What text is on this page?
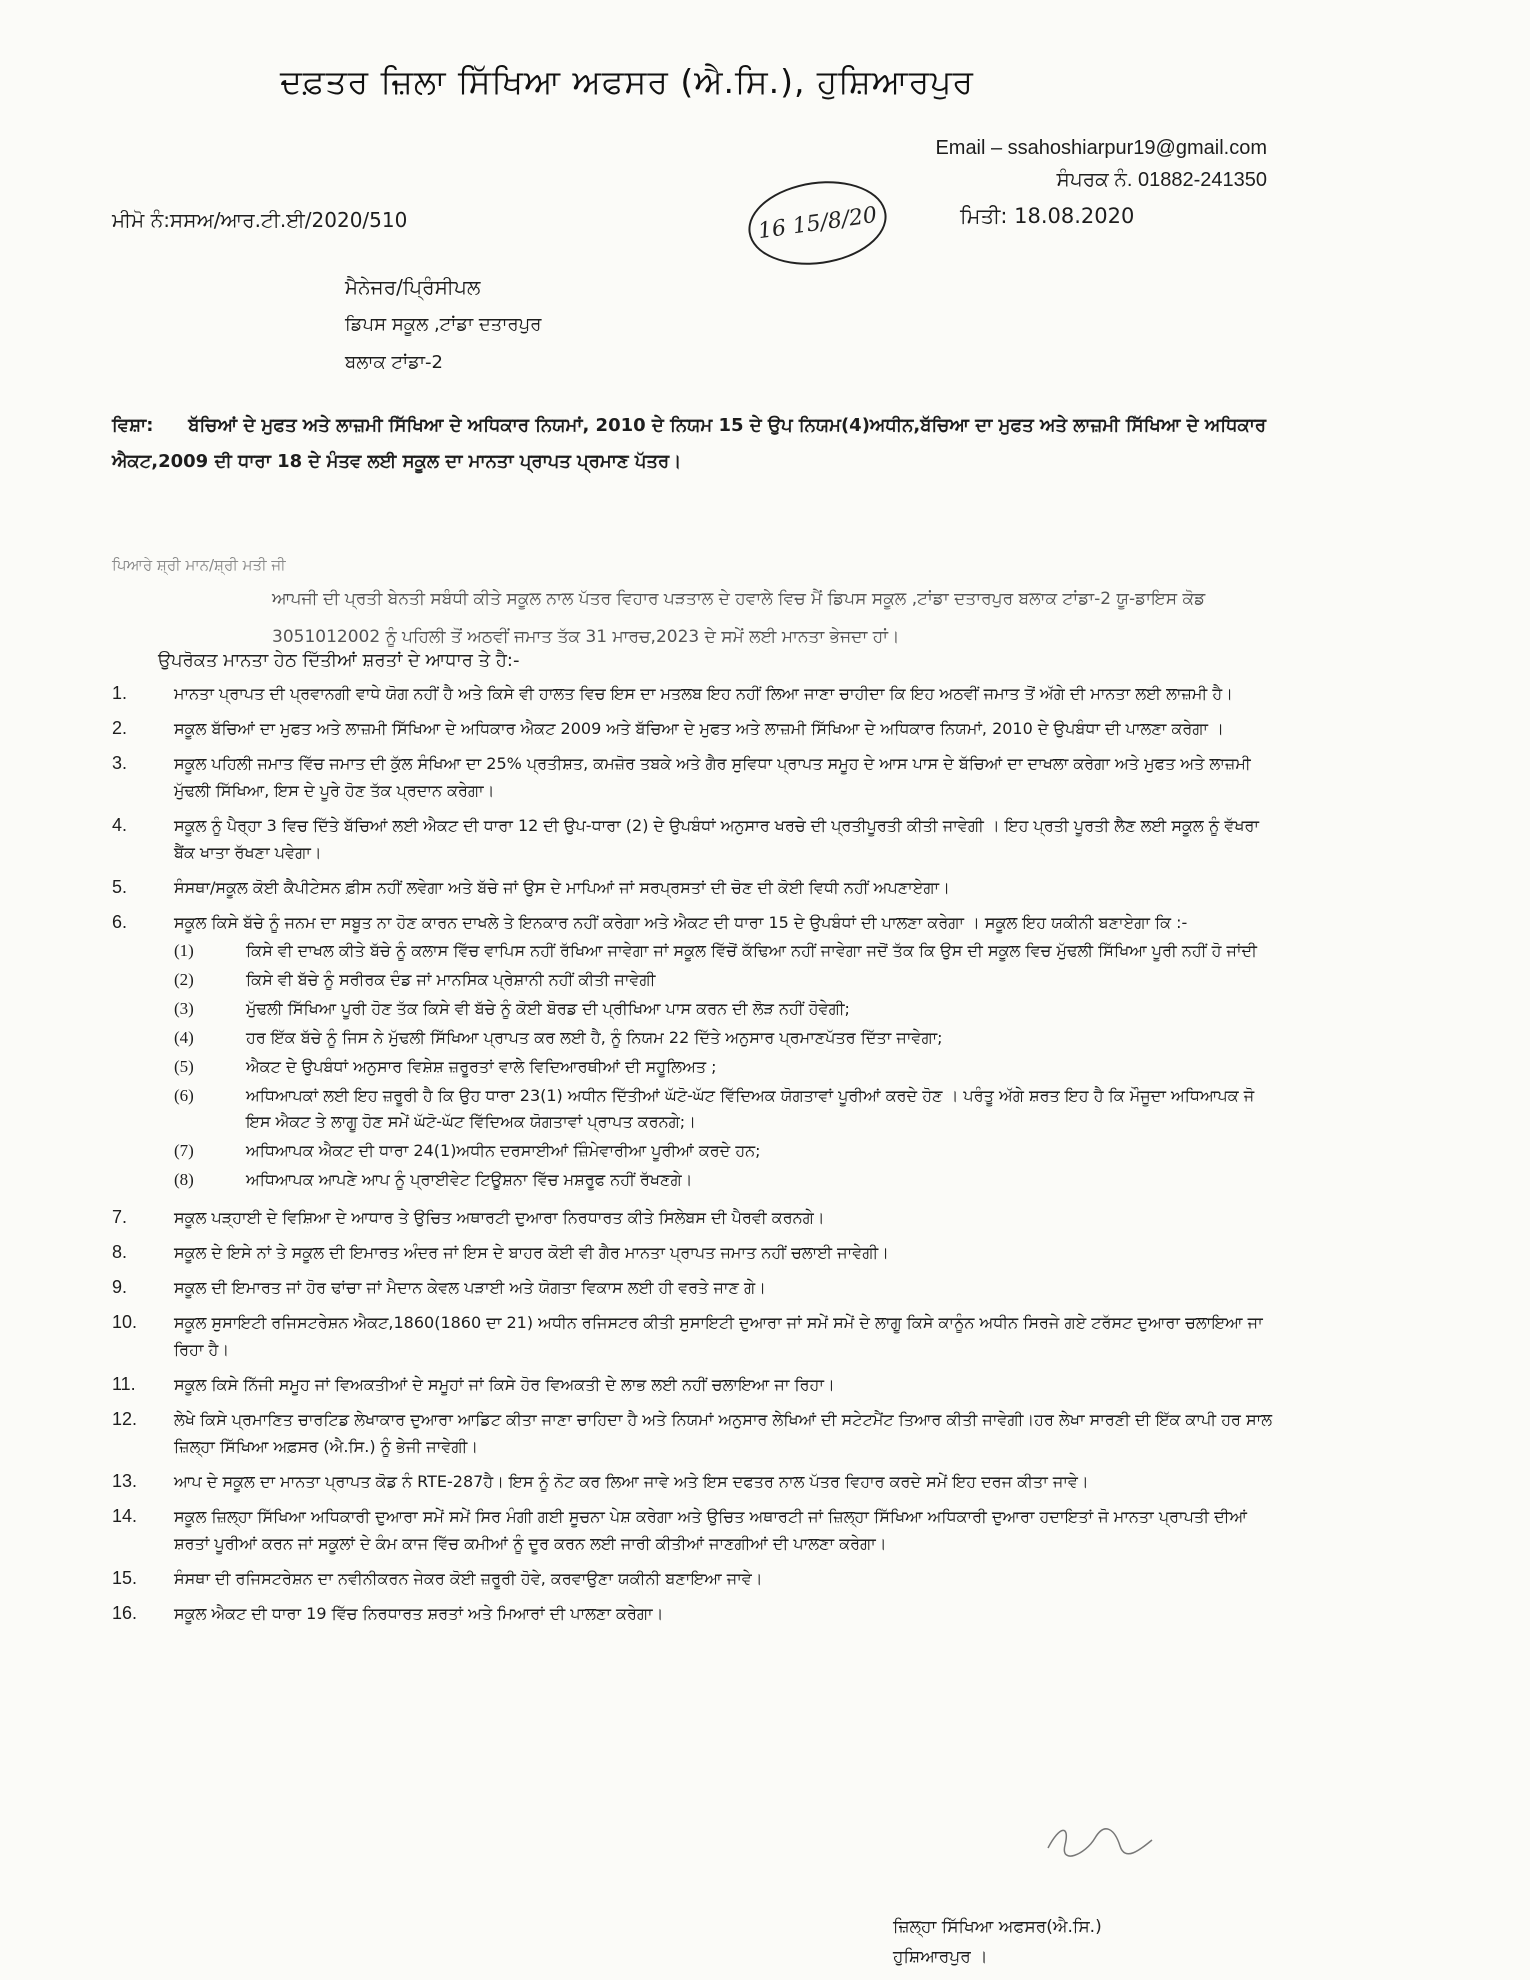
ਦਫ਼ਤਰ ਜ਼ਿਲਾ ਸਿੱਖਿਆ ਅਫਸਰ (ਐ.ਸਿ.), ਹੁਸ਼ਿਆਰਪੁਰ
Email – ssahoshiarpur19@gmail.com
ਸੰਪਰਕ ਨੰ. 01882-241350
ਮੀਮੋ ਨੰ:ਸਸਅ/ਆਰ.ਟੀ.ਈ/2020/510	16 15/8/20	ਮਿਤੀ: 18.08.2020
ਮੈਨੇਜਰ/ਪ੍ਰਿੰਸੀਪਲ
ਡਿਪਸ ਸਕੂਲ ,ਟਾਂਡਾ ਦਤਾਰਪੁਰ
ਬਲਾਕ ਟਾਂਡਾ-2
ਵਿਸ਼ਾ: ਬੱਚਿਆਂ ਦੇ ਮੁਫਤ ਅਤੇ ਲਾਜ਼ਮੀ ਸਿੱਖਿਆ ਦੇ ਅਧਿਕਾਰ ਨਿਯਮਾਂ, 2010 ਦੇ ਨਿਯਮ 15 ਦੇ ਉਪ ਨਿਯਮ(4)ਅਧੀਨ,ਬੱਚਿਆ ਦਾ ਮੁਫਤ ਅਤੇ ਲਾਜ਼ਮੀ ਸਿੱਖਿਆ ਦੇ ਅਧਿਕਾਰ ਐਕਟ,2009 ਦੀ ਧਾਰਾ 18 ਦੇ ਮੰਤਵ ਲਈ ਸਕੂਲ ਦਾ ਮਾਨਤਾ ਪ੍ਰਾਪਤ ਪ੍ਰਮਾਣ ਪੱਤਰ।
ਪਿਆਰੇ ਸ਼੍ਰੀ ਮਾਨ/ਸ਼੍ਰੀ ਮਤੀ ਜੀ
ਆਪਜੀ ਦੀ ਪ੍ਰਤੀ ਬੇਨਤੀ ਸਬੰਧੀ ਕੀਤੇ ਸਕੂਲ ਨਾਲ ਪੱਤਰ ਵਿਹਾਰ ਪੜਤਾਲ ਦੇ ਹਵਾਲੇ ਵਿਚ ਮੈਂ ਡਿਪਸ ਸਕੂਲ ,ਟਾਂਡਾ ਦਤਾਰਪੁਰ ਬਲਾਕ ਟਾਂਡਾ-2 ਯੂ-ਡਾਇਸ ਕੋਡ 3051012002 ਨੂੰ ਪਹਿਲੀ ਤੋਂ ਅਠਵੀਂ ਜਮਾਤ ਤੱਕ 31 ਮਾਰਚ,2023 ਦੇ ਸਮੇਂ ਲਈ ਮਾਨਤਾ ਭੇਜਦਾ ਹਾਂ।
ਉਪਰੋਕਤ ਮਾਨਤਾ ਹੇਠ ਦਿੱਤੀਆਂ ਸ਼ਰਤਾਂ ਦੇ ਆਧਾਰ ਤੇ ਹੈ:-
1.	ਮਾਨਤਾ ਪ੍ਰਾਪਤ ਦੀ ਪ੍ਰਵਾਨਗੀ ਵਾਧੇ ਯੋਗ ਨਹੀਂ ਹੈ ਅਤੇ ਕਿਸੇ ਵੀ ਹਾਲਤ ਵਿਚ ਇਸ ਦਾ ਮਤਲਬ ਇਹ ਨਹੀਂ ਲਿਆ ਜਾਣਾ ਚਾਹੀਦਾ ਕਿ ਇਹ ਅਠਵੀਂ ਜਮਾਤ ਤੋਂ ਅੱਗੇ ਦੀ ਮਾਨਤਾ ਲਈ ਲਾਜ਼ਮੀ ਹੈ।
2.	ਸਕੂਲ ਬੱਚਿਆਂ ਦਾ ਮੁਫਤ ਅਤੇ ਲਾਜ਼ਮੀ ਸਿੱਖਿਆ ਦੇ ਅਧਿਕਾਰ ਐਕਟ 2009 ਅਤੇ ਬੱਚਿਆ ਦੇ ਮੁਫਤ ਅਤੇ ਲਾਜ਼ਮੀ ਸਿੱਖਿਆ ਦੇ ਅਧਿਕਾਰ ਨਿਯਮਾਂ, 2010 ਦੇ ਉਪਬੰਧਾ ਦੀ ਪਾਲਣਾ ਕਰੇਗਾ ।
3.	ਸਕੂਲ ਪਹਿਲੀ ਜਮਾਤ ਵਿੱਚ ਜਮਾਤ ਦੀ ਕੁੱਲ ਸੰਖਿਆ ਦਾ 25% ਪ੍ਰਤੀਸ਼ਤ, ਕਮਜ਼ੋਰ ਤਬਕੇ ਅਤੇ ਗੈਰ ਸੁਵਿਧਾ ਪ੍ਰਾਪਤ ਸਮੂਹ ਦੇ ਆਸ ਪਾਸ ਦੇ ਬੱਚਿਆਂ ਦਾ ਦਾਖਲਾ ਕਰੇਗਾ ਅਤੇ ਮੁਫਤ ਅਤੇ ਲਾਜ਼ਮੀ ਮੁੱਢਲੀ ਸਿੱਖਿਆ, ਇਸ ਦੇ ਪੂਰੇ ਹੋਣ ਤੱਕ ਪ੍ਰਦਾਨ ਕਰੇਗਾ।
4.	ਸਕੂਲ ਨੂੰ ਪੈਰ੍ਹਾ 3 ਵਿਚ ਦਿੱਤੇ ਬੱਚਿਆਂ ਲਈ ਐਕਟ ਦੀ ਧਾਰਾ 12 ਦੀ ਉਪ-ਧਾਰਾ (2) ਦੇ ਉਪਬੰਧਾਂ ਅਨੁਸਾਰ ਖਰਚੇ ਦੀ ਪ੍ਰਤੀਪੂਰਤੀ ਕੀਤੀ ਜਾਵੇਗੀ । ਇਹ ਪ੍ਰਤੀ ਪੂਰਤੀ ਲੈਣ ਲਈ ਸਕੂਲ ਨੂੰ ਵੱਖਰਾ ਬੈਂਕ ਖਾਤਾ ਰੱਖਣਾ ਪਵੇਗਾ।
5.	ਸੰਸਥਾ/ਸਕੂਲ ਕੋਈ ਕੈਪੀਟੇਸਨ ਫ਼ੀਸ ਨਹੀਂ ਲਵੇਗਾ ਅਤੇ ਬੱਚੇ ਜਾਂ ਉਸ ਦੇ ਮਾਪਿਆਂ ਜਾਂ ਸਰਪ੍ਰਸਤਾਂ ਦੀ ਚੋਣ ਦੀ ਕੋਈ ਵਿਧੀ ਨਹੀਂ ਅਪਣਾਏਗਾ।
6.	ਸਕੂਲ ਕਿਸੇ ਬੱਚੇ ਨੂੰ ਜਨਮ ਦਾ ਸਬੂਤ ਨਾ ਹੋਣ ਕਾਰਨ ਦਾਖਲੇ ਤੇ ਇਨਕਾਰ ਨਹੀਂ ਕਰੇਗਾ ਅਤੇ ਐਕਟ ਦੀ ਧਾਰਾ 15 ਦੇ ਉਪਬੰਧਾਂ ਦੀ ਪਾਲਣਾ ਕਰੇਗਾ । ਸਕੂਲ ਇਹ ਯਕੀਨੀ ਬਣਾਏਗਾ ਕਿ :-
(1)	ਕਿਸੇ ਵੀ ਦਾਖਲ ਕੀਤੇ ਬੱਚੇ ਨੂੰ ਕਲਾਸ ਵਿੱਚ ਵਾਪਿਸ ਨਹੀਂ ਰੱਖਿਆ ਜਾਵੇਗਾ ਜਾਂ ਸਕੂਲ ਵਿੱਚੋਂ ਕੱਢਿਆ ਨਹੀਂ ਜਾਵੇਗਾ ਜਦੋਂ ਤੱਕ ਕਿ ਉਸ ਦੀ ਸਕੂਲ ਵਿਚ ਮੁੱਢਲੀ ਸਿੱਖਿਆ ਪੂਰੀ ਨਹੀਂ ਹੋ ਜਾਂਦੀ
(2)	ਕਿਸੇ ਵੀ ਬੱਚੇ ਨੂੰ ਸਰੀਰਕ ਦੰਡ ਜਾਂ ਮਾਨਸਿਕ ਪ੍ਰੇਸ਼ਾਨੀ ਨਹੀਂ ਕੀਤੀ ਜਾਵੇਗੀ
(3)	ਮੁੱਢਲੀ ਸਿੱਖਿਆ ਪੂਰੀ ਹੋਣ ਤੱਕ ਕਿਸੇ ਵੀ ਬੱਚੇ ਨੂੰ ਕੋਈ ਬੋਰਡ ਦੀ ਪ੍ਰੀਖਿਆ ਪਾਸ ਕਰਨ ਦੀ ਲੋੜ ਨਹੀਂ ਹੋਵੇਗੀ;
(4)	ਹਰ ਇੱਕ ਬੱਚੇ ਨੂੰ ਜਿਸ ਨੇ ਮੁੱਢਲੀ ਸਿੱਖਿਆ ਪ੍ਰਾਪਤ ਕਰ ਲਈ ਹੈ, ਨੂੰ ਨਿਯਮ 22 ਦਿੱਤੇ ਅਨੁਸਾਰ ਪ੍ਰਮਾਣਪੱਤਰ ਦਿੱਤਾ ਜਾਵੇਗਾ;
(5)	ਐਕਟ ਦੇ ਉਪਬੰਧਾਂ ਅਨੁਸਾਰ ਵਿਸ਼ੇਸ਼ ਜ਼ਰੂਰਤਾਂ ਵਾਲੇ ਵਿਦਿਆਰਥੀਆਂ ਦੀ ਸਹੂਲਿਅਤ ;
(6)	ਅਧਿਆਪਕਾਂ ਲਈ ਇਹ ਜ਼ਰੂਰੀ ਹੈ ਕਿ ਉਹ ਧਾਰਾ 23(1) ਅਧੀਨ ਦਿੱਤੀਆਂ ਘੱਟੋ-ਘੱਟ ਵਿੱਦਿਅਕ ਯੋਗਤਾਵਾਂ ਪੂਰੀਆਂ ਕਰਦੇ ਹੋਣ । ਪਰੰਤੂ ਅੱਗੇ ਸ਼ਰਤ ਇਹ ਹੈ ਕਿ ਮੌਜੂਦਾ ਅਧਿਆਪਕ ਜੋ ਇਸ ਐਕਟ ਤੇ ਲਾਗੂ ਹੋਣ ਸਮੇਂ ਘੱਟੋ-ਘੱਟ ਵਿੱਦਿਅਕ ਯੋਗਤਾਵਾਂ ਪ੍ਰਾਪਤ ਕਰਨਗੇ;।
(7)	ਅਧਿਆਪਕ ਐਕਟ ਦੀ ਧਾਰਾ 24(1)ਅਧੀਨ ਦਰਸਾਈਆਂ ਜ਼ਿੰਮੇਵਾਰੀਆ ਪੂਰੀਆਂ ਕਰਦੇ ਹਨ;
(8)	ਅਧਿਆਪਕ ਆਪਣੇ ਆਪ ਨੂੰ ਪ੍ਰਾਈਵੇਟ ਟਿਊਸ਼ਨਾ ਵਿੱਚ ਮਸ਼ਰੂਫ ਨਹੀਂ ਰੱਖਣਗੇ।
7.	ਸਕੂਲ ਪੜ੍ਹਾਈ ਦੇ ਵਿਸ਼ਿਆ ਦੇ ਆਧਾਰ ਤੇ ਉਚਿਤ ਅਥਾਰਟੀ ਦੁਆਰਾ ਨਿਰਧਾਰਤ ਕੀਤੇ ਸਿਲੇਬਸ ਦੀ ਪੈਰਵੀ ਕਰਨਗੇ।
8.	ਸਕੂਲ ਦੇ ਇਸੇ ਨਾਂ ਤੇ ਸਕੂਲ ਦੀ ਇਮਾਰਤ ਅੰਦਰ ਜਾਂ ਇਸ ਦੇ ਬਾਹਰ ਕੋਈ ਵੀ ਗੈਰ ਮਾਨਤਾ ਪ੍ਰਾਪਤ ਜਮਾਤ ਨਹੀਂ ਚਲਾਈ ਜਾਵੇਗੀ।
9.	ਸਕੂਲ ਦੀ ਇਮਾਰਤ ਜਾਂ ਹੋਰ ਢਾਂਚਾ ਜਾਂ ਮੈਦਾਨ ਕੇਵਲ ਪੜਾਈ ਅਤੇ ਯੋਗਤਾ ਵਿਕਾਸ ਲਈ ਹੀ ਵਰਤੇ ਜਾਣ ਗੇ।
10.	ਸਕੂਲ ਸੁਸਾਇਟੀ ਰਜਿਸਟਰੇਸ਼ਨ ਐਕਟ,1860(1860 ਦਾ 21) ਅਧੀਨ ਰਜਿਸਟਰ ਕੀਤੀ ਸੁਸਾਇਟੀ ਦੁਆਰਾ ਜਾਂ ਸਮੇਂ ਸਮੇਂ ਦੇ ਲਾਗੂ ਕਿਸੇ ਕਾਨੂੰਨ ਅਧੀਨ ਸਿਰਜੇ ਗਏ ਟਰੱਸਟ ਦੁਆਰਾ ਚਲਾਇਆ ਜਾ ਰਿਹਾ ਹੈ।
11.	ਸਕੂਲ ਕਿਸੇ ਨਿੱਜੀ ਸਮੂਹ ਜਾਂ ਵਿਅਕਤੀਆਂ ਦੇ ਸਮੂਹਾਂ ਜਾਂ ਕਿਸੇ ਹੋਰ ਵਿਅਕਤੀ ਦੇ ਲਾਭ ਲਈ ਨਹੀਂ ਚਲਾਇਆ ਜਾ ਰਿਹਾ।
12.	ਲੇਖੇ ਕਿਸੇ ਪ੍ਰਮਾਣਿਤ ਚਾਰਟਿਡ ਲੇਖਾਕਾਰ ਦੁਆਰਾ ਆਡਿਟ ਕੀਤਾ ਜਾਣਾ ਚਾਹਿਦਾ ਹੈ ਅਤੇ ਨਿਯਮਾਂ ਅਨੁਸਾਰ ਲੇਖਿਆਂ ਦੀ ਸਟੇਟਮੈਂਟ ਤਿਆਰ ਕੀਤੀ ਜਾਵੇਗੀ।ਹਰ ਲੇਖਾ ਸਾਰਣੀ ਦੀ ਇੱਕ ਕਾਪੀ ਹਰ ਸਾਲ ਜ਼ਿਲ੍ਹਾ ਸਿੱਖਿਆ ਅਫ਼ਸਰ (ਐ.ਸਿ.) ਨੂੰ ਭੇਜੀ ਜਾਵੇਗੀ।
13.	ਆਪ ਦੇ ਸਕੂਲ ਦਾ ਮਾਨਤਾ ਪ੍ਰਾਪਤ ਕੋਡ ਨੰ RTE-287ਹੈ। ਇਸ ਨੂੰ ਨੋਟ ਕਰ ਲਿਆ ਜਾਵੇ ਅਤੇ ਇਸ ਦਫਤਰ ਨਾਲ ਪੱਤਰ ਵਿਹਾਰ ਕਰਦੇ ਸਮੇਂ ਇਹ ਦਰਜ ਕੀਤਾ ਜਾਵੇ।
14.	ਸਕੂਲ ਜ਼ਿਲ੍ਹਾ ਸਿੱਖਿਆ ਅਧਿਕਾਰੀ ਦੁਆਰਾ ਸਮੇਂ ਸਮੇਂ ਸਿਰ ਮੰਗੀ ਗਈ ਸੂਚਨਾ ਪੇਸ਼ ਕਰੇਗਾ ਅਤੇ ਉਚਿਤ ਅਥਾਰਟੀ ਜਾਂ ਜ਼ਿਲ੍ਹਾ ਸਿੱਖਿਆ ਅਧਿਕਾਰੀ ਦੁਆਰਾ ਹਦਾਇਤਾਂ ਜੋ ਮਾਨਤਾ ਪ੍ਰਾਪਤੀ ਦੀਆਂ ਸ਼ਰਤਾਂ ਪੂਰੀਆਂ ਕਰਨ ਜਾਂ ਸਕੂਲਾਂ ਦੇ ਕੰਮ ਕਾਜ ਵਿੱਚ ਕਮੀਆਂ ਨੂੰ ਦੂਰ ਕਰਨ ਲਈ ਜਾਰੀ ਕੀਤੀਆਂ ਜਾਣਗੀਆਂ ਦੀ ਪਾਲਣਾ ਕਰੇਗਾ।
15.	ਸੰਸਥਾ ਦੀ ਰਜਿਸਟਰੇਸ਼ਨ ਦਾ ਨਵੀਨੀਕਰਨ ਜੇਕਰ ਕੋਈ ਜ਼ਰੂਰੀ ਹੋਵੇ, ਕਰਵਾਉਣਾ ਯਕੀਨੀ ਬਣਾਇਆ ਜਾਵੇ।
16.	ਸਕੂਲ ਐਕਟ ਦੀ ਧਾਰਾ 19 ਵਿੱਚ ਨਿਰਧਾਰਤ ਸ਼ਰਤਾਂ ਅਤੇ ਮਿਆਰਾਂ ਦੀ ਪਾਲਣਾ ਕਰੇਗਾ।
ਜ਼ਿਲ੍ਹਾ ਸਿੱਖਿਆ ਅਫਸਰ(ਐ.ਸਿ.)
ਹੁਸ਼ਿਆਰਪੁਰ ।
